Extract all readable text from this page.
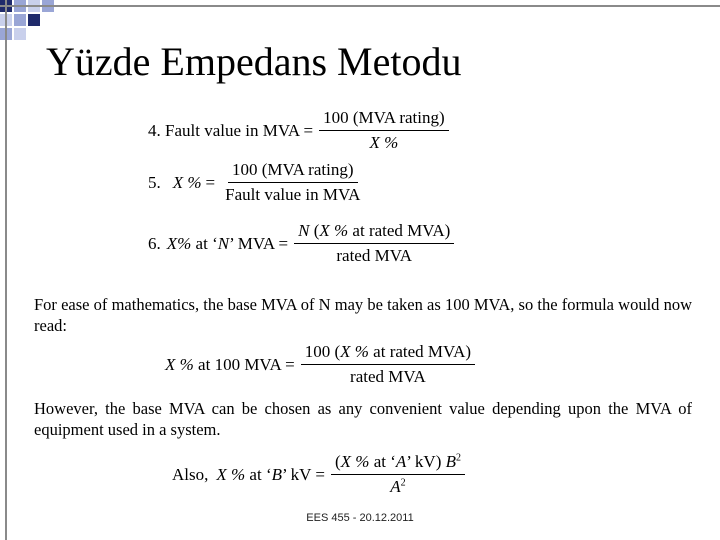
Yüzde Empedans Metodu
4. Fault value in MVA = $\frac{\text{100 (MVA rating)}}{X \%}$
5. X % = $\frac{\text{100 (MVA rating)}}{\text{Fault value in MVA}}$
6. X% at ‘N’ MVA = $\frac{\text{N (X \% at rated MVA)}}{\text{rated MVA}}$
For ease of mathematics, the base MVA of N may be taken as 100 MVA, so the formula would now read:
X % at 100 MVA = $\frac{\text{100 (X \% at rated MVA)}}{\text{rated MVA}}$
However, the base MVA can be chosen as any convenient value depending upon the MVA of equipment used in a system.
Also, X % at ‘B’ kV = $\frac{(X \% at ‘A’ kV) B^2}{A^2}$
EES 455 - 20.12.2011
